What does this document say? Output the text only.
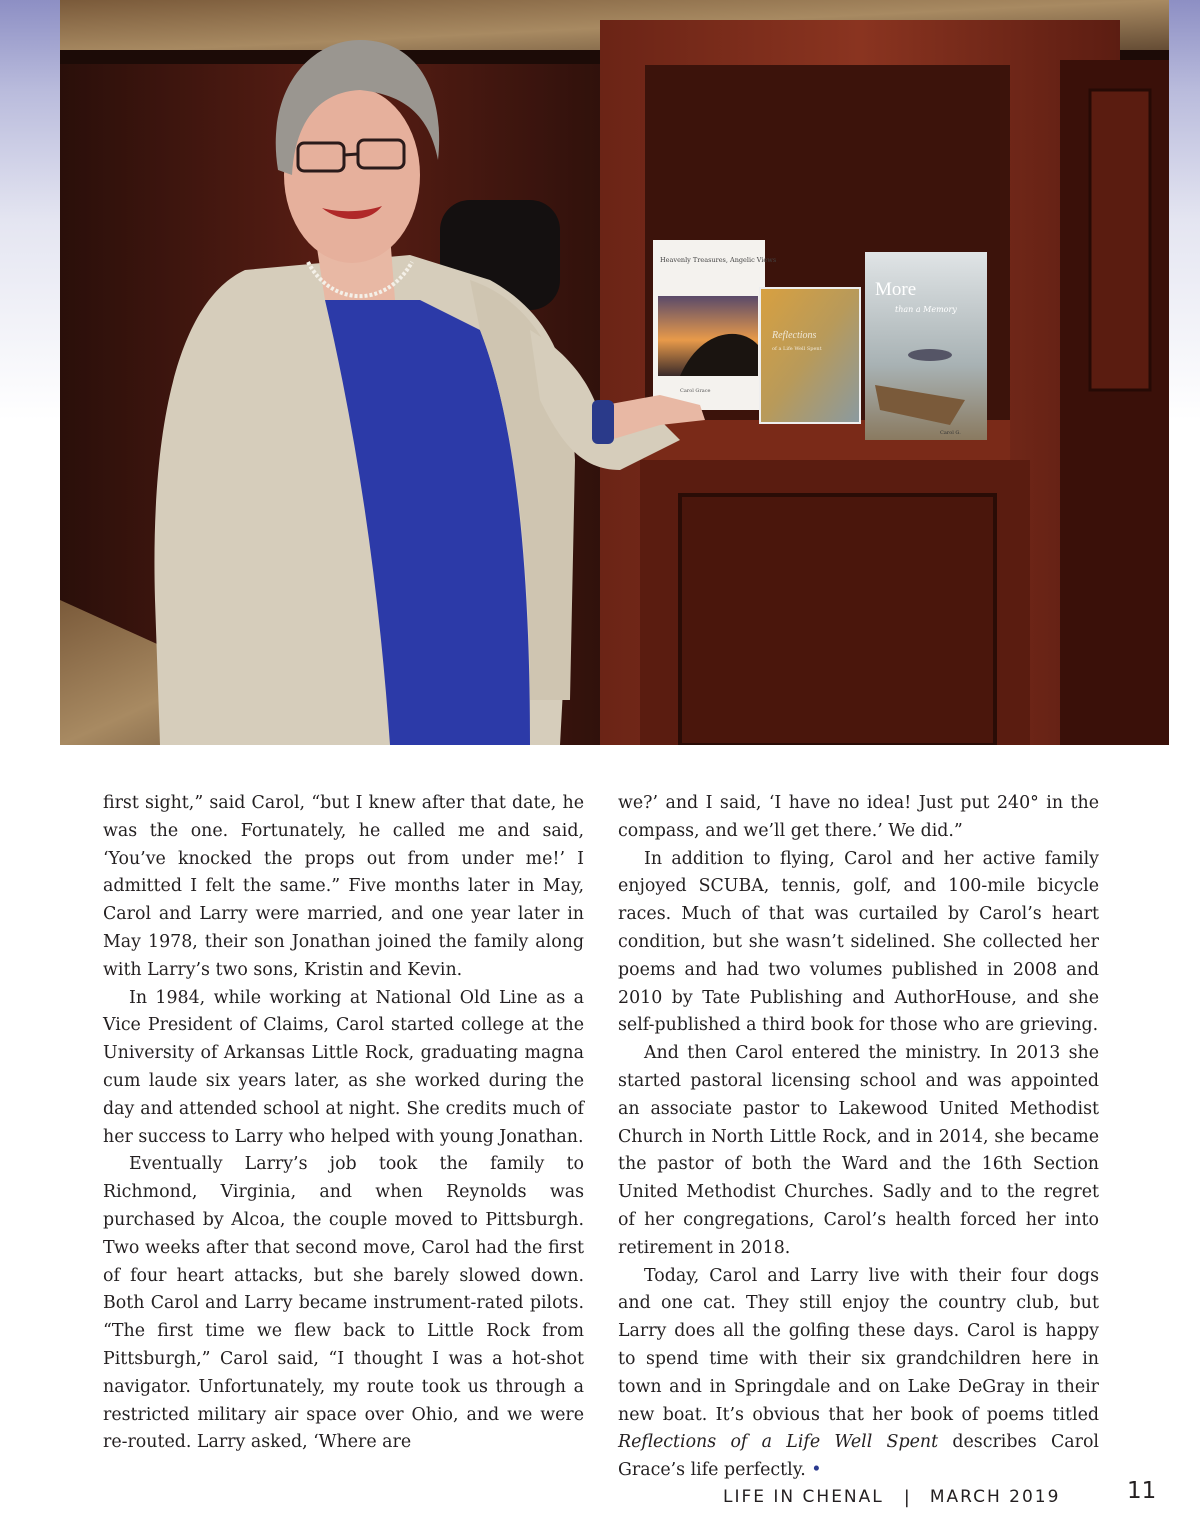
Heavenly Treasures, Angelic Views
Carol Grace
Reflections
of a Life Well Spent
More
than a Memory
Carol G.

first sight,” said Carol, “but I knew after that date, he was the one. Fortunately, he called me and said, ‘You’ve knocked the props out from under me!’ I admitted I felt the same.” Five months later in May, Carol and Larry were married, and one year later in May 1978, their son Jonathan joined the family along with Larry’s two sons, Kristin and Kevin.

In 1984, while working at National Old Line as a Vice President of Claims, Carol started college at the University of Arkansas Little Rock, graduating magna cum laude six years later, as she worked during the day and attended school at night. She credits much of her success to Larry who helped with young Jonathan.

Eventually Larry’s job took the family to Richmond, Virginia, and when Reynolds was purchased by Alcoa, the couple moved to Pittsburgh. Two weeks after that second move, Carol had the first of four heart attacks, but she barely slowed down. Both Carol and Larry became instrument-rated pilots. “The first time we flew back to Little Rock from Pittsburgh,” Carol said, “I thought I was a hot-shot navigator. Unfortunately, my route took us through a restricted military air space over Ohio, and we were re-routed. Larry asked, ‘Where are

we?’ and I said, ‘I have no idea! Just put 240° in the compass, and we’ll get there.’ We did.”

In addition to flying, Carol and her active family enjoyed SCUBA, tennis, golf, and 100-mile bicycle races. Much of that was curtailed by Carol’s heart condition, but she wasn’t sidelined. She collected her poems and had two volumes published in 2008 and 2010 by Tate Publishing and AuthorHouse, and she self-published a third book for those who are grieving.

And then Carol entered the ministry. In 2013 she started pastoral licensing school and was appointed an associate pastor to Lakewood United Methodist Church in North Little Rock, and in 2014, she became the pastor of both the Ward and the 16th Section United Methodist Churches. Sadly and to the regret of her congregations, Carol’s health forced her into retirement in 2018.

Today, Carol and Larry live with their four dogs and one cat. They still enjoy the country club, but Larry does all the golfing these days. Carol is happy to spend time with their six grandchildren here in town and in Springdale and on Lake DeGray in their new boat. It’s obvious that her book of poems titled Reflections of a Life Well Spent describes Carol Grace’s life perfectly. •

LIFE IN CHENAL | MARCH 2019	11
